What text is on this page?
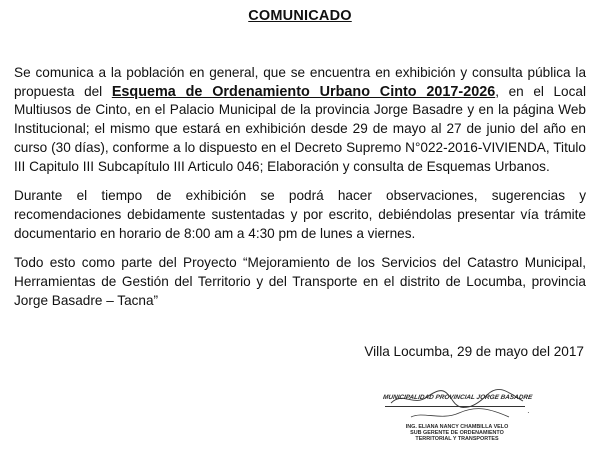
COMUNICADO

Se comunica a la población en general, que se encuentra en exhibición y consulta pública la propuesta del Esquema de Ordenamiento Urbano Cinto 2017-2026, en el Local Multiusos de Cinto, en el Palacio Municipal de la provincia Jorge Basadre y en la página Web Institucional; el mismo que estará en exhibición desde 29 de mayo al 27 de junio del año en curso (30 días), conforme a lo dispuesto en el Decreto Supremo N°022-2016-VIVIENDA, Titulo III Capitulo III Subcapítulo III Articulo 046; Elaboración y consulta de Esquemas Urbanos.

Durante el tiempo de exhibición se podrá hacer observaciones, sugerencias y recomendaciones debidamente sustentadas y por escrito, debiéndolas presentar vía trámite documentario en horario de 8:00 am a 4:30 pm de lunes a viernes.

Todo esto como parte del Proyecto “Mejoramiento de los Servicios del Catastro Municipal, Herramientas de Gestión del Territorio y del Transporte en el distrito de Locumba, provincia Jorge Basadre – Tacna”

Villa Locumba, 29 de mayo del 2017
MUNICIPALIDAD PROVINCIAL JORGE BASADRE
·
ING. ELIANA NANCY CHAMBILLA VELO
SUB GERENTE DE ORDENAMIENTO
TERRITORIAL Y TRANSPORTES
